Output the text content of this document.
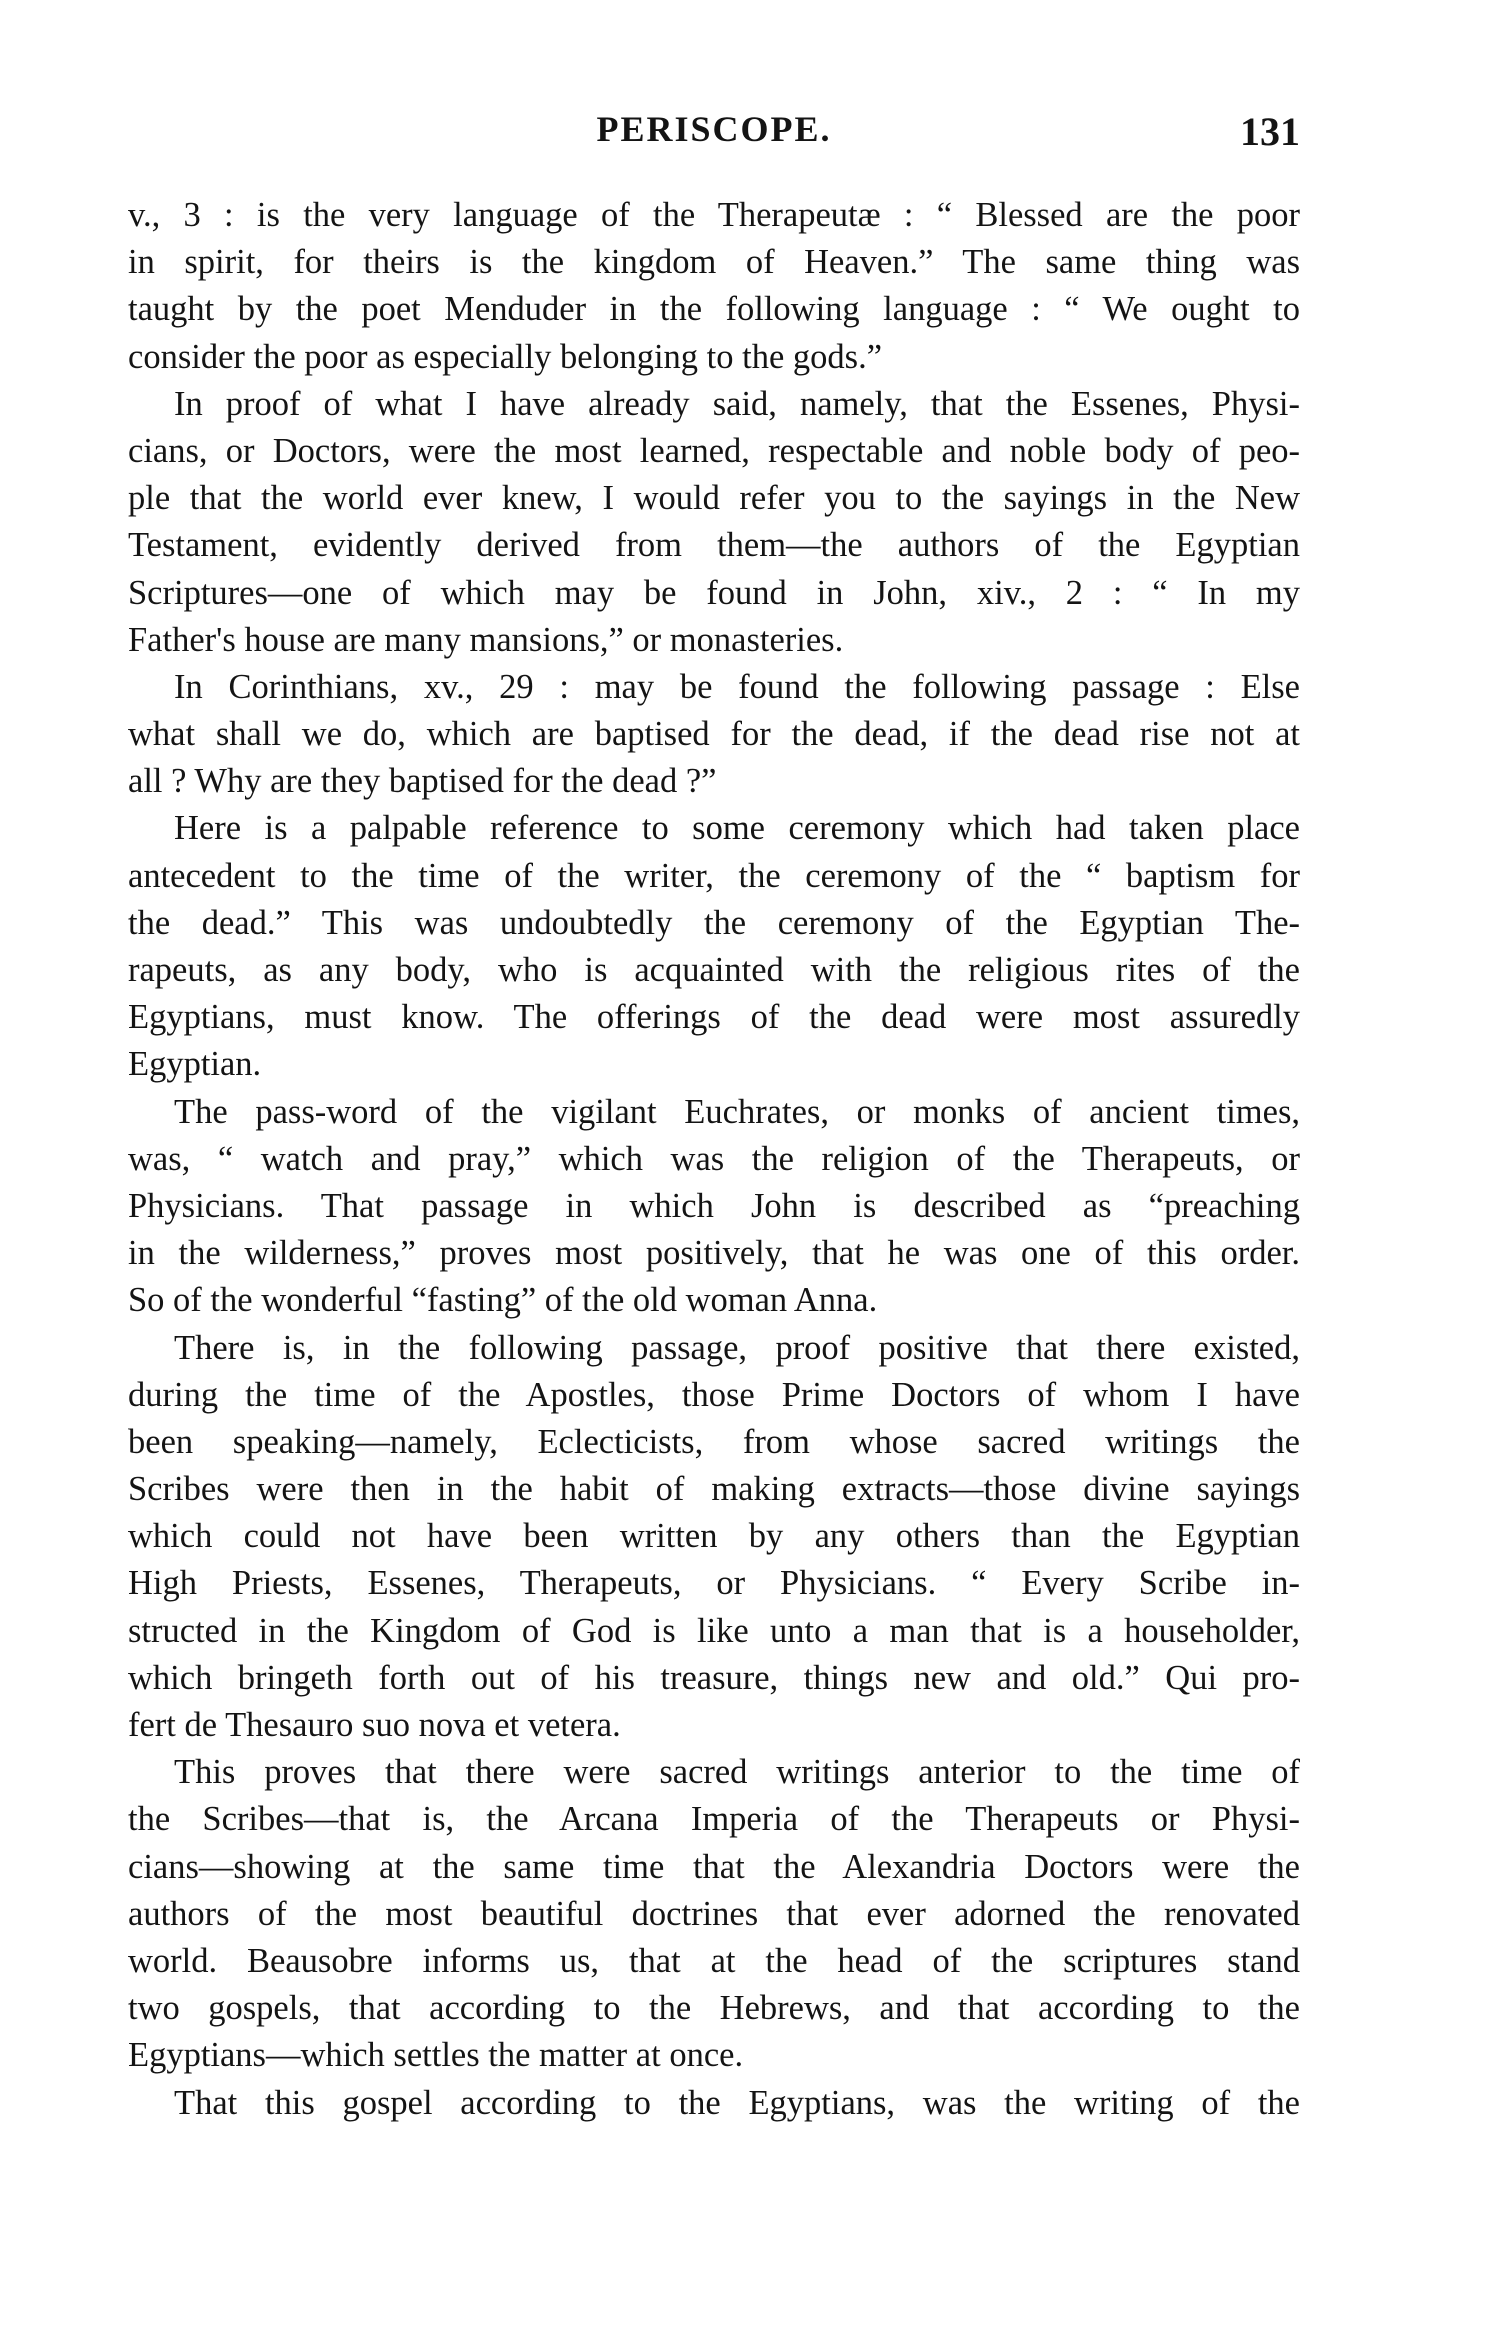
PERISCOPE.	131
v., 3 : is the very language of the Therapeutæ : “ Blessed are the poor
in spirit, for theirs is the kingdom of Heaven.” The same thing was
taught by the poet Menduder in the following language : “ We ought to
consider the poor as especially belonging to the gods.”
In proof of what I have already said, namely, that the Essenes, Physi-
cians, or Doctors, were the most learned, respectable and noble body of peo-
ple that the world ever knew, I would refer you to the sayings in the New
Testament, evidently derived from them—the authors of the Egyptian
Scriptures—one of which may be found in John, xiv., 2 : “ In my
Father's house are many mansions,” or monasteries.
In Corinthians, xv., 29 : may be found the following passage : Else
what shall we do, which are baptised for the dead, if the dead rise not at
all ? Why are they baptised for the dead ?”
Here is a palpable reference to some ceremony which had taken place
antecedent to the time of the writer, the ceremony of the “ baptism for
the dead.” This was undoubtedly the ceremony of the Egyptian The-
rapeuts, as any body, who is acquainted with the religious rites of the
Egyptians, must know. The offerings of the dead were most assuredly
Egyptian.
The pass-word of the vigilant Euchrates, or monks of ancient times,
was, “ watch and pray,” which was the religion of the Therapeuts, or
Physicians. That passage in which John is described as “preaching
in the wilderness,” proves most positively, that he was one of this order.
So of the wonderful “fasting” of the old woman Anna.
There is, in the following passage, proof positive that there existed,
during the time of the Apostles, those Prime Doctors of whom I have
been speaking—namely, Eclecticists, from whose sacred writings the
Scribes were then in the habit of making extracts—those divine sayings
which could not have been written by any others than the Egyptian
High Priests, Essenes, Therapeuts, or Physicians. “ Every Scribe in-
structed in the Kingdom of God is like unto a man that is a householder,
which bringeth forth out of his treasure, things new and old.” Qui pro-
fert de Thesauro suo nova et vetera.
This proves that there were sacred writings anterior to the time of
the Scribes—that is, the Arcana Imperia of the Therapeuts or Physi-
cians—showing at the same time that the Alexandria Doctors were the
authors of the most beautiful doctrines that ever adorned the renovated
world. Beausobre informs us, that at the head of the scriptures stand
two gospels, that according to the Hebrews, and that according to the
Egyptians—which settles the matter at once.
That this gospel according to the Egyptians, was the writing of the
